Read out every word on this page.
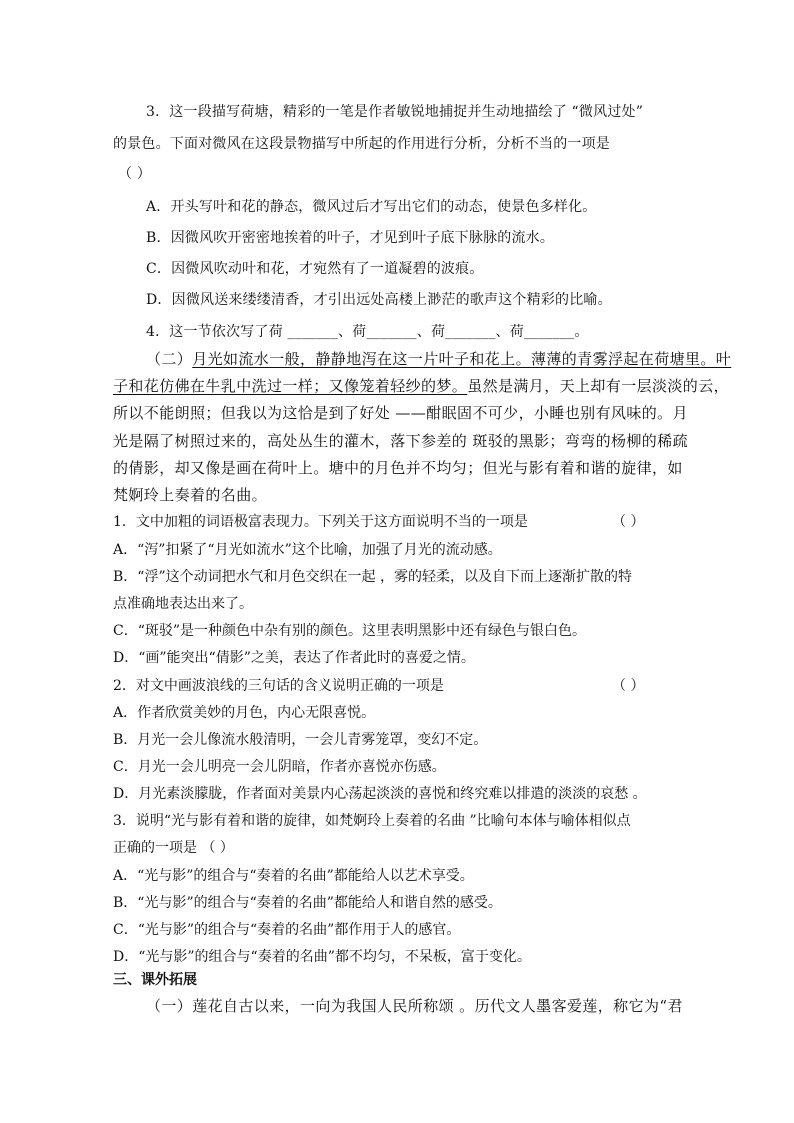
3．这一段描写荷塘，精彩的一笔是作者敏锐地捕捉并生动地描绘了 “微风过处”
的景色。下面对微风在这段景物描写中所起的作用进行分析，分析不当的一项是
（ ）
A．开头写叶和花的静态，微风过后才写出它们的动态，使景色多样化。
B．因微风吹开密密地挨着的叶子，才见到叶子底下脉脉的流水。
C．因微风吹动叶和花，才宛然有了一道凝碧的波痕。
D．因微风送来缕缕清香，才引出远处高楼上渺茫的歌声这个精彩的比喻。
4．这一节依次写了荷 _______、荷_______、荷_______、荷_______。
（二）月光如流水一般，静静地泻在这一片叶子和花上。薄薄的青雾浮起在荷塘里。叶
子和花仿佛在牛乳中洗过一样；又像笼着轻纱的梦。虽然是满月，天上却有一层淡淡的云，
所以不能朗照；但我以为这恰是到了好处 ——酣眠固不可少，小睡也别有风味的。月
光是隔了树照过来的，高处丛生的灌木，落下参差的 斑驳的黑影；弯弯的杨柳的稀疏
的倩影，却又像是画在荷叶上。塘中的月色并不均匀；但光与影有着和谐的旋律，如
梵婀玲上奏着的名曲。
1．文中加粗的词语极富表现力。下列关于这方面说明不当的一项是	（ ）
A．“泻”扣紧了“月光如流水”这个比喻，加强了月光的流动感。
B．“浮”这个动词把水气和月色交织在一起 ，雾的轻柔，以及自下而上逐渐扩散的特
点准确地表达出来了。
C．“斑驳”是一种颜色中杂有别的颜色。这里表明黑影中还有绿色与银白色。
D．“画”能突出“倩影”之美，表达了作者此时的喜爱之情。
2．对文中画波浪线的三句话的含义说明正确的一项是	（ ）
A．作者欣赏美妙的月色，内心无限喜悦。
B．月光一会儿像流水般清明，一会儿青雾笼罩，变幻不定。
C．月光一会儿明亮一会儿阴暗，作者亦喜悦亦伤感。
D．月光素淡朦胧，作者面对美景内心荡起淡淡的喜悦和终究难以排遣的淡淡的哀愁 。
3．说明“光与影有着和谐的旋律，如梵婀玲上奏着的名曲 ”比喻句本体与喻体相似点
正确的一项是 （ ）
A．“光与影”的组合与“奏着的名曲”都能给人以艺术享受。
B．“光与影”的组合与“奏着的名曲”都能给人和谐自然的感受。
C．“光与影”的组合与“奏着的名曲”都作用于人的感官。
D．“光与影”的组合与“奏着的名曲”都不均匀，不呆板，富于变化。
三、课外拓展
（一）莲花自古以来，一向为我国人民所称颂 。历代文人墨客爱莲，称它为“君
